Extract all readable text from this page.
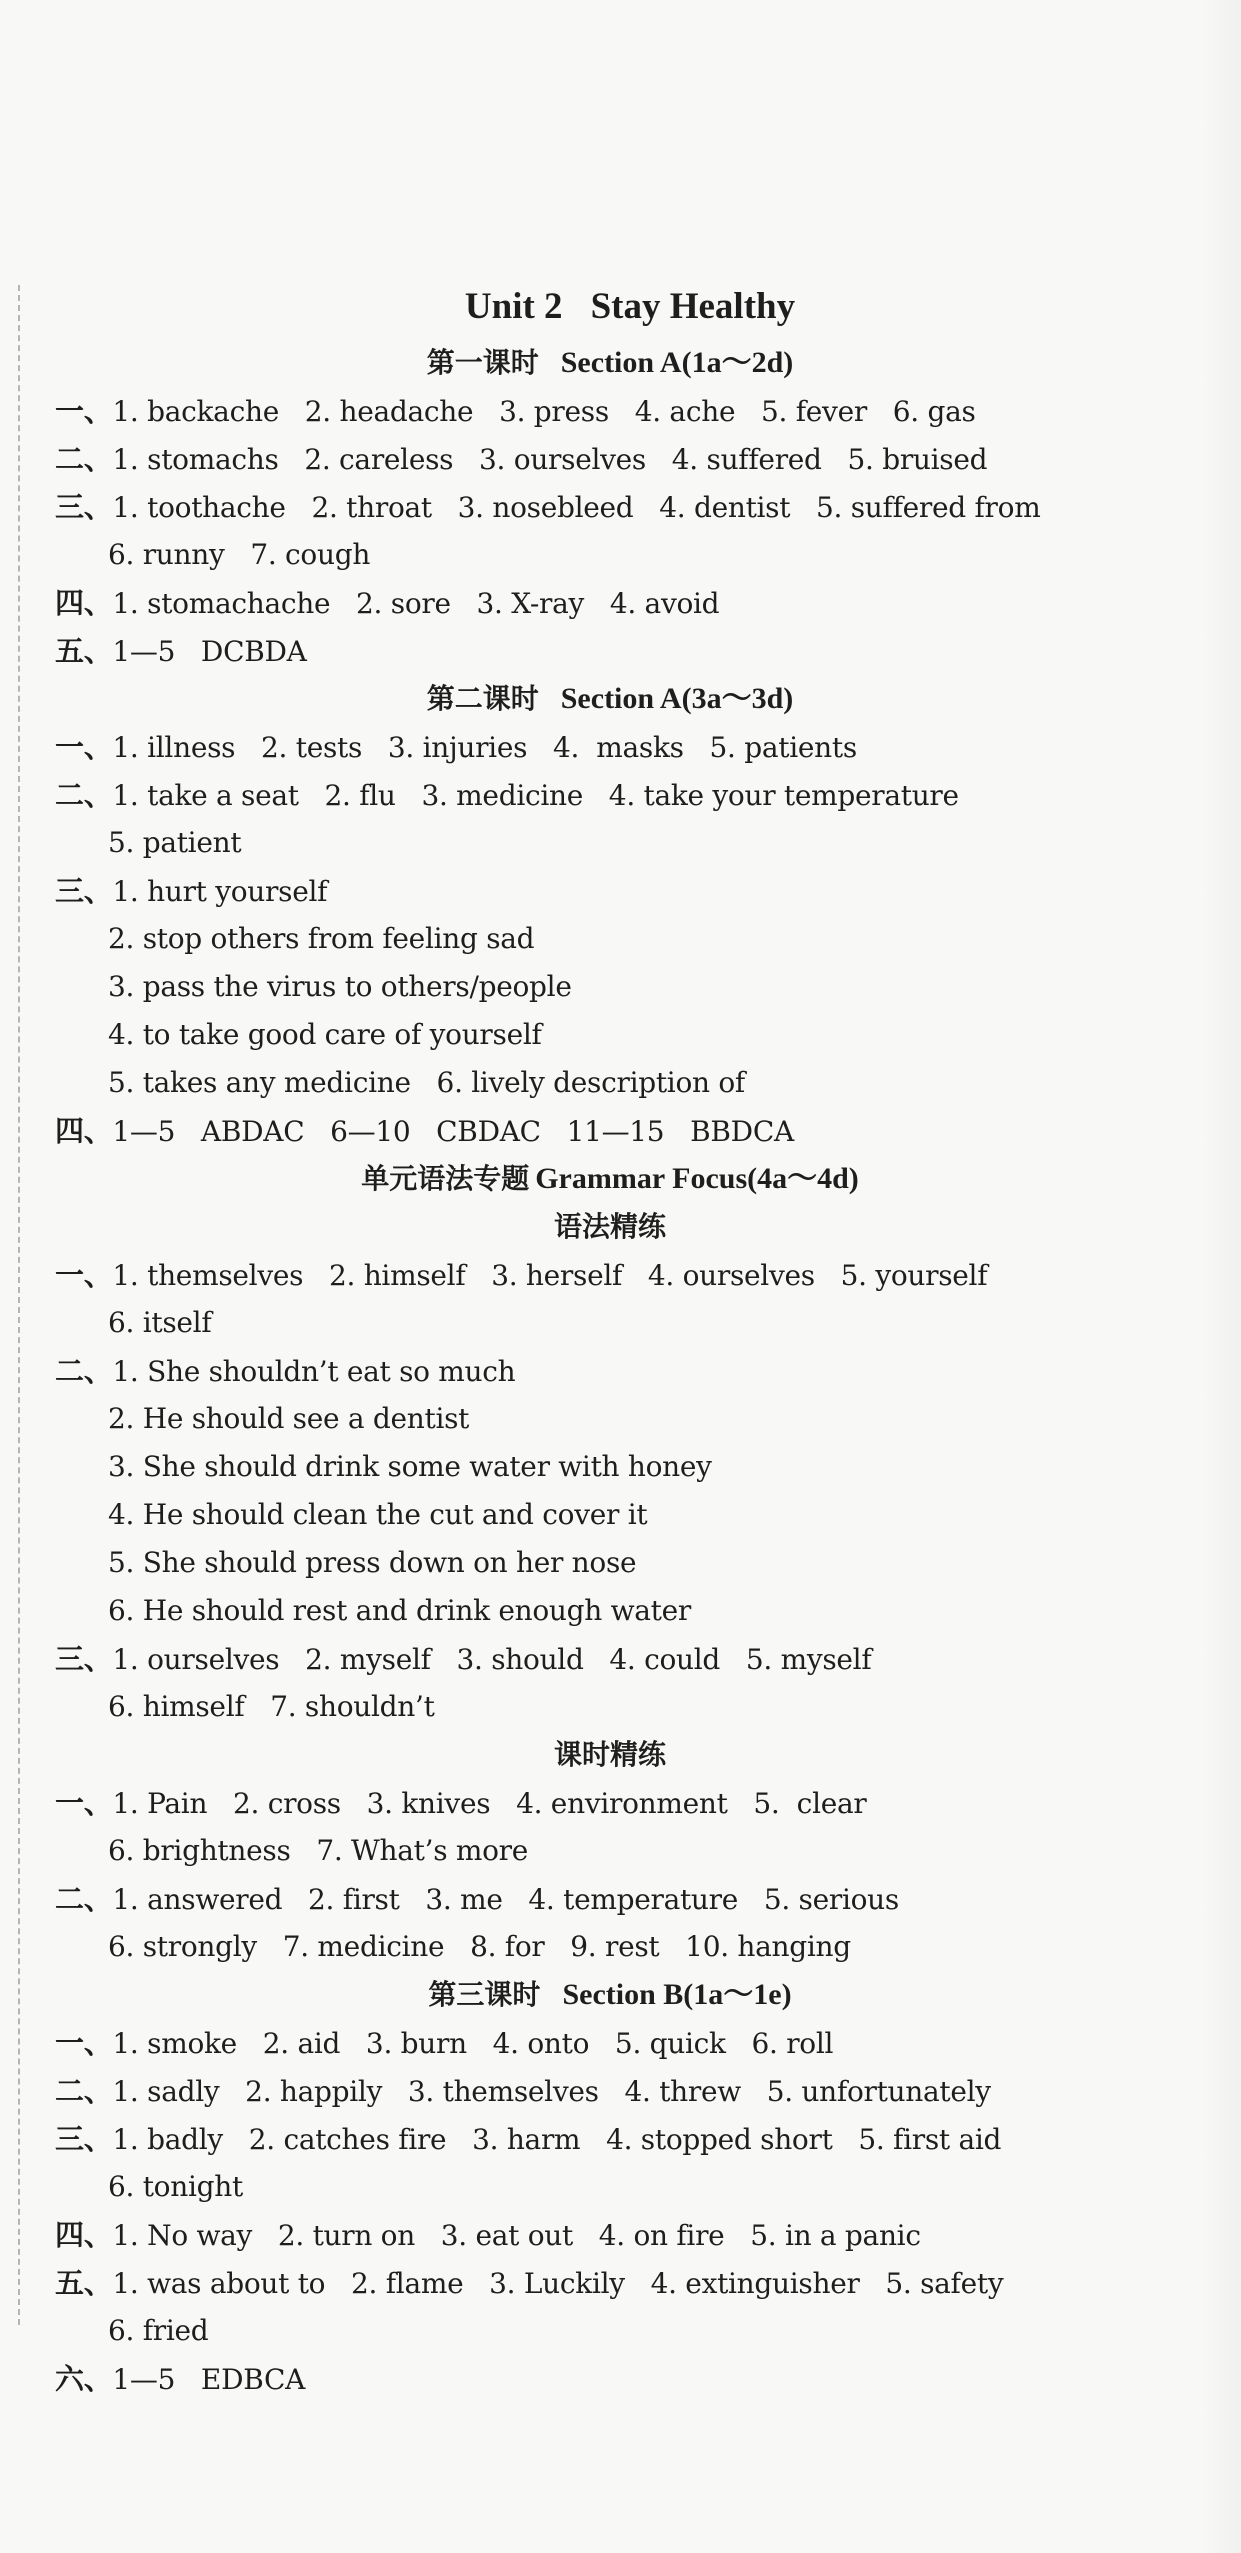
Unit 2 Stay Healthy
第一课时 Section A(1a～2d)
一、1. backache   2. headache   3. press   4. ache   5. fever   6. gas
二、1. stomachs   2. careless   3. ourselves   4. suffered   5. bruised
三、1. toothache   2. throat   3. nosebleed   4. dentist   5. suffered from
6. runny   7. cough
四、1. stomachache   2. sore   3. X-ray   4. avoid
五、1—5   DCBDA
第二课时 Section A(3a～3d)
一、1. illness   2. tests   3. injuries   4.  masks   5. patients
二、1. take a seat   2. flu   3. medicine   4. take your temperature
5. patient
三、1. hurt yourself
2. stop others from feeling sad
3. pass the virus to others/people
4. to take good care of yourself
5. takes any medicine   6. lively description of
四、1—5   ABDAC   6—10   CBDAC   11—15   BBDCA
单元语法专题 Grammar Focus(4a～4d)
语法精练
一、1. themselves   2. himself   3. herself   4. ourselves   5. yourself
6. itself
二、1. She shouldn’t eat so much
2. He should see a dentist
3. She should drink some water with honey
4. He should clean the cut and cover it
5. She should press down on her nose
6. He should rest and drink enough water
三、1. ourselves   2. myself   3. should   4. could   5. myself
6. himself   7. shouldn’t
课时精练
一、1. Pain   2. cross   3. knives   4. environment   5.  clear
6. brightness   7. What’s more
二、1. answered   2. first   3. me   4. temperature   5. serious
6. strongly   7. medicine   8. for   9. rest   10. hanging
第三课时 Section B(1a～1e)
一、1. smoke   2. aid   3. burn   4. onto   5. quick   6. roll
二、1. sadly   2. happily   3. themselves   4. threw   5. unfortunately
三、1. badly   2. catches fire   3. harm   4. stopped short   5. first aid
6. tonight
四、1. No way   2. turn on   3. eat out   4. on fire   5. in a panic
五、1. was about to   2. flame   3. Luckily   4. extinguisher   5. safety
6. fried
六、1—5   EDBCA
